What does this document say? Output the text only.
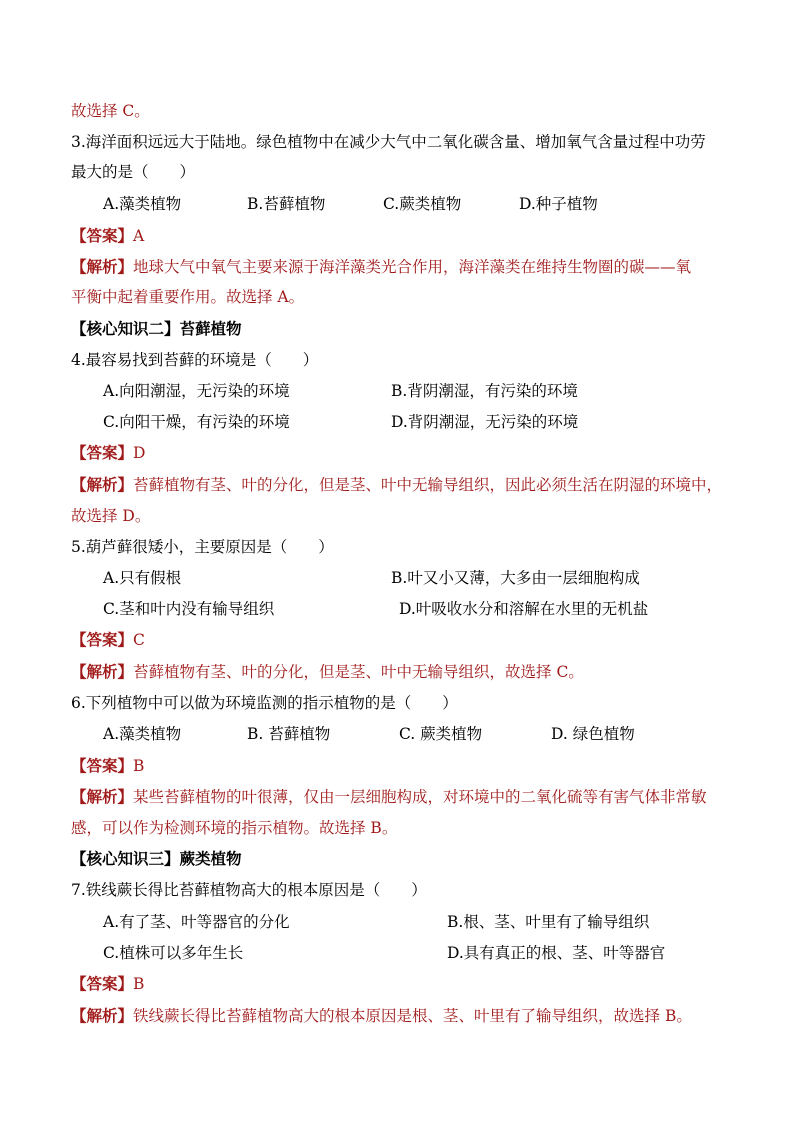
故选择 C。
3.海洋面积远远大于陆地。绿色植物中在减少大气中二氧化碳含量、增加氧气含量过程中功劳
最大的是（　　）
A.藻类植物	B.苔藓植物	C.蕨类植物	D.种子植物
【答案】A
【解析】地球大气中氧气主要来源于海洋藻类光合作用，海洋藻类在维持生物圈的碳——氧
平衡中起着重要作用。故选择 A。
【核心知识二】苔藓植物
4.最容易找到苔藓的环境是（　　）
A.向阳潮湿，无污染的环境	B.背阴潮湿，有污染的环境
C.向阳干燥，有污染的环境	D.背阴潮湿，无污染的环境
【答案】D
【解析】苔藓植物有茎、叶的分化，但是茎、叶中无输导组织，因此必须生活在阴湿的环境中，
故选择 D。
5.葫芦藓很矮小，主要原因是（　　）
A.只有假根	B.叶又小又薄，大多由一层细胞构成
C.茎和叶内没有输导组织	D.叶吸收水分和溶解在水里的无机盐
【答案】C
【解析】苔藓植物有茎、叶的分化，但是茎、叶中无输导组织，故选择 C。
6.下列植物中可以做为环境监测的指示植物的是（　　）
A.藻类植物	B. 苔藓植物	C. 蕨类植物	D. 绿色植物
【答案】B
【解析】某些苔藓植物的叶很薄，仅由一层细胞构成，对环境中的二氧化硫等有害气体非常敏
感，可以作为检测环境的指示植物。故选择 B。
【核心知识三】蕨类植物
7.铁线蕨长得比苔藓植物高大的根本原因是（　　）
A.有了茎、叶等器官的分化	B.根、茎、叶里有了输导组织
C.植株可以多年生长	D.具有真正的根、茎、叶等器官
【答案】B
【解析】铁线蕨长得比苔藓植物高大的根本原因是根、茎、叶里有了输导组织，故选择 B。
